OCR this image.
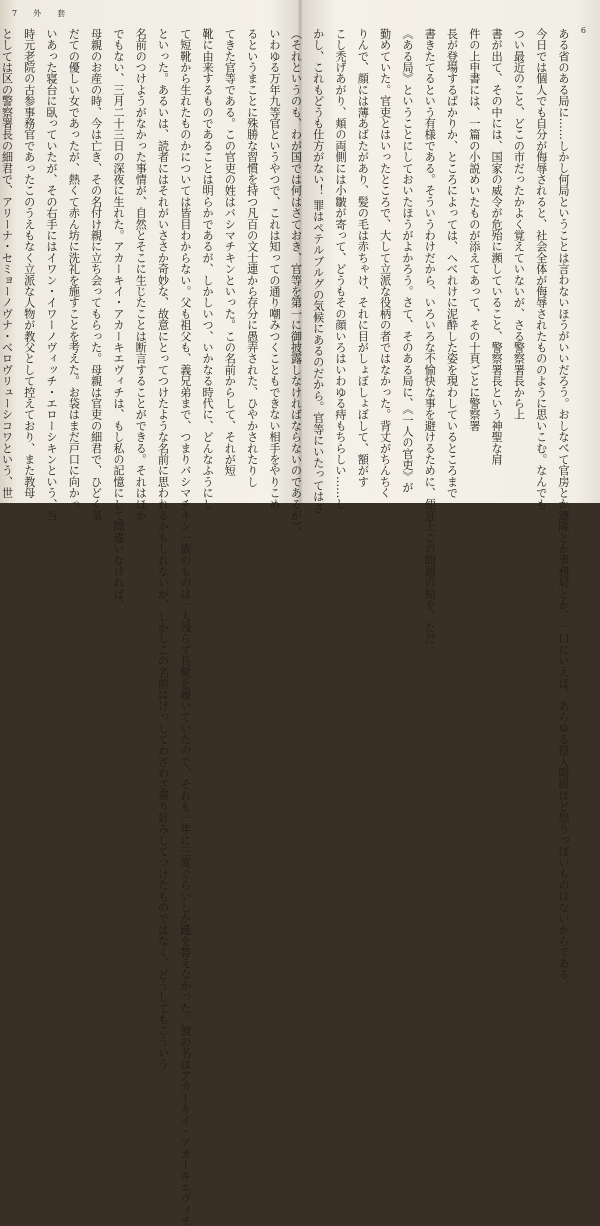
7　外　套
いわゆる万年九等官というやつで、これは知っての通り嘲みつくこともできない相手をやりこめ
るというまことに殊勝な習慣を持つ凡百の文士連から存分に愚弄された、ひやかされたりし
てきた官等である。この官吏の姓はバシマチキンといった。この名前からして、それが短
靴に由来するものであることは明らかであるが、しかしいつ、いかなる時代に、どんなふうにし
て短靴から生れたものかについては皆目わからない。父も祖父も、義兄弟まで、つまりバシマチキン一族のものは一人残らず長靴を履いていたので、それも一年に三度ぐらいしか踵を替えなかった。彼の名はアカーキイ・アカーキエヴィチ
といった。あるいは、読者にはそれがいささか奇妙な、故意にとってつけたような名前に思われるかもしれないが、しかしこの名前はけっしてわざわざ選り好みしてつけたものではなく、どうしてもこういう
名前のつけようがなかった事情が、自然とそこに生じたことは断言することができる。それはほか
でもない、三月二十三日の深夜に生れた。アカーキイ・アカーキエヴィチは、もし私の記憶にして間違いなければ、
母親のお産の時、今は亡き、その名付け親に立ち会ってもらった。母親は官吏の細君で、ひどく気
だての優しい女であったが、熱くて赤ん坊に洗礼を施すことを考えた。お袋はまだ戸口に向かっ
いあった寝台に臥っていたが、その右手にはイワン・イワーノヴィッチ・エローシキンという、当
時元老院の古参事務官であったこのうえもなく立派な人物が教父として控えており、また教母
としては区の警察署長の細君で、アリーナ・セミョーノヴナ・ベロヴリューシコワという、世	6
ある省のある局に……しかし何局ということは言わないほうがいいだろう。おしなべて官房とか連隊とか事務局とか、一口にいえば、あらゆる役人階級ほど怒りっぽいものはないからである。
今日では個人でも自分が侮辱されると、社会全体が侮辱されたもののように思いこむ。なんでも
つい最近のこと、どこの市だったかよく覚えていないが、さる警察署長から上
書が出て、その中には、国家の威令が危殆に瀕していること、警察署長という神聖な肩
件の上申書には、一篇の小説めいたものが添えてあって、その十頁ごとに警察署
長が登場するばかりか、ところによっては、へべれけに泥酔した姿を現わしているところまで
書きたてるという有様である。そういうわけだから、いろいろな不愉快な事を避けるために、便宜上この問題の局を、ただ
《ある局》ということにしておいたほうがよかろう。さて、そのある局に、《一人の官吏》が
勤めていた。官吏とはいったところで、大して立派な役柄の者ではなかった。背丈がちんちく
りんで、顔には薄あばたがあり、髪の毛は赤ちゃけ、それに目がしょぼしょぼして、額がす
こし禿げあがり、頬の両側には小皺が寄って、どうもその顔いろはいわゆる痔もちらしい……し
かし、これもどうも仕方がない！ 罪はペテルブルグの気候にあるのだから。官等にいたってはさ
（それというのも、わが国では何はさておき、官等を第一に御披露しなければならないのであるが）、
